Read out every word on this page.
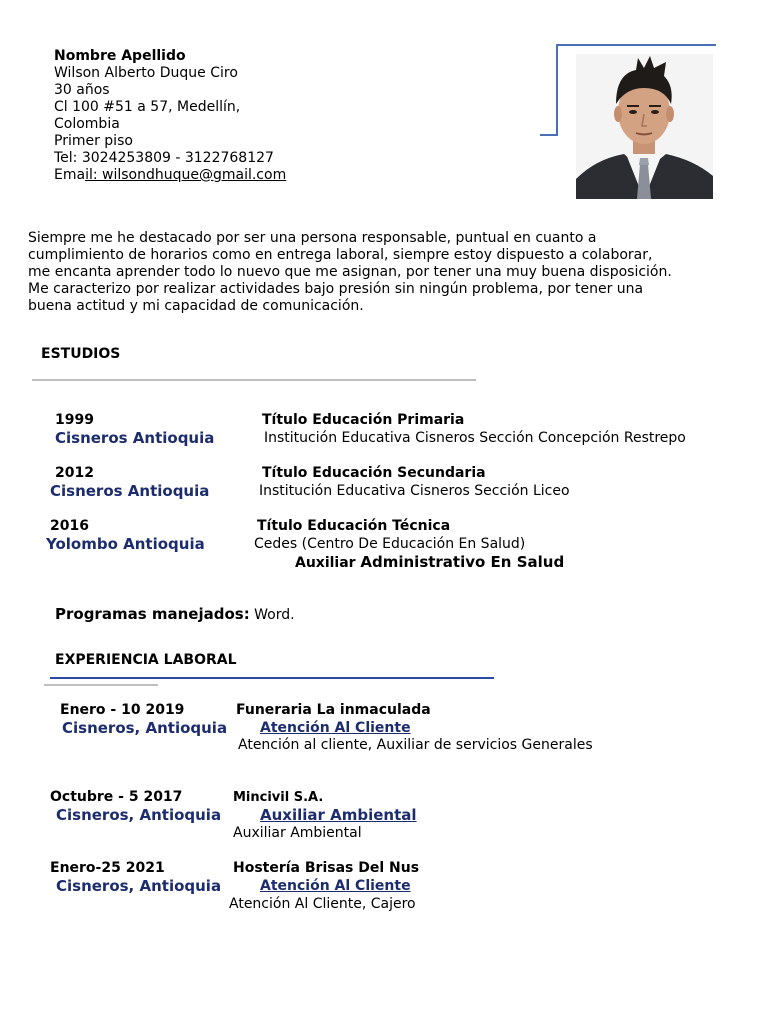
Nombre Apellido
Wilson Alberto Duque Ciro
30 años
Cl 100 #51 a 57, Medellín,
Colombia
Primer piso
Tel: 3024253809 - 3122768127
Email: wilsondhuque@gmail.com
Siempre me he destacado por ser una persona responsable, puntual en cuanto a
cumplimiento de horarios como en entrega laboral, siempre estoy dispuesto a colaborar,
me encanta aprender todo lo nuevo que me asignan, por tener una muy buena disposición.
Me caracterizo por realizar actividades bajo presión sin ningún problema, por tener una
buena actitud y mi capacidad de comunicación.
ESTUDIOS
1999	Título Educación Primaria
Cisneros Antioquia	Institución Educativa Cisneros Sección Concepción Restrepo
2012	Título Educación Secundaria
Cisneros Antioquia	Institución Educativa Cisneros Sección Liceo
2016	Título Educación Técnica
Yolombo Antioquia	Cedes (Centro De Educación En Salud)
Auxiliar Administrativo En Salud
Programas manejados: Word.
EXPERIENCIA LABORAL
Enero - 10 2019	Funeraria La inmaculada
Cisneros, Antioquia Atención Al Cliente
Atención al cliente, Auxiliar de servicios Generales
Octubre - 5 2017	Mincivil S.A.
Cisneros, Antioquia	Auxiliar Ambiental
Auxiliar Ambiental
Enero-25 2021	Hostería Brisas Del Nus
Cisneros, Antioquia	Atención Al Cliente
Atención Al Cliente, Cajero
